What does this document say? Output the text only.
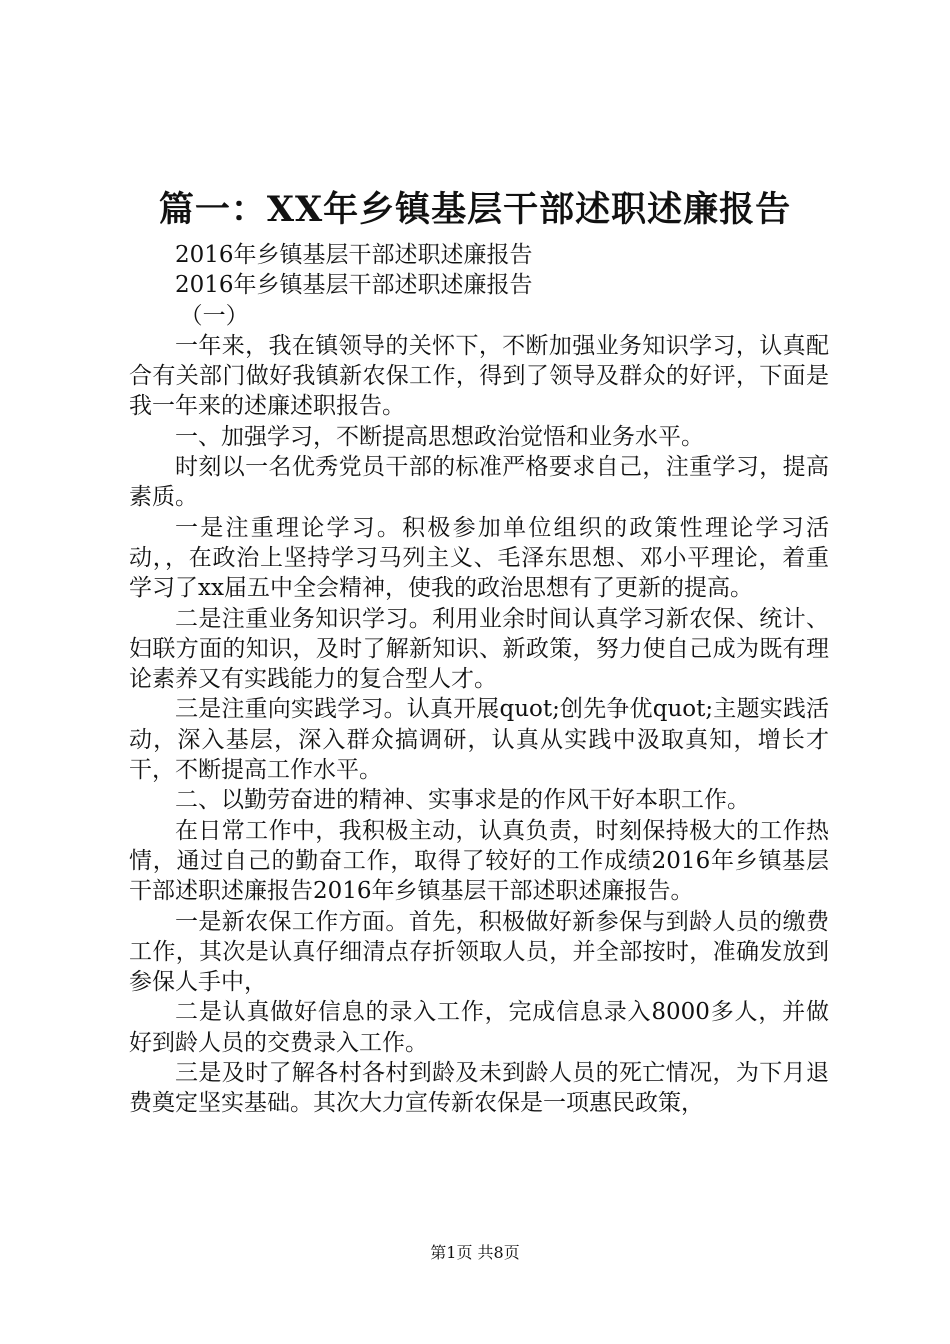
篇一：XX年乡镇基层干部述职述廉报告

2016年乡镇基层干部述职述廉报告

2016年乡镇基层干部述职述廉报告

（一）

一年来，我在镇领导的关怀下，不断加强业务知识学习，认真配合有关部门做好我镇新农保工作，得到了领导及群众的好评，下面是我一年来的述廉述职报告。

一、加强学习，不断提高思想政治觉悟和业务水平。

时刻以一名优秀党员干部的标准严格要求自己，注重学习，提高素质。

一是注重理论学习。积极参加单位组织的政策性理论学习活动，，在政治上坚持学习马列主义、毛泽东思想、邓小平理论，着重学习了xx届五中全会精神，使我的政治思想有了更新的提高。

二是注重业务知识学习。利用业余时间认真学习新农保、统计、妇联方面的知识，及时了解新知识、新政策，努力使自己成为既有理论素养又有实践能力的复合型人才。

三是注重向实践学习。认真开展quot;创先争优quot;主题实践活动，深入基层，深入群众搞调研，认真从实践中汲取真知，增长才干，不断提高工作水平。

二、以勤劳奋进的精神、实事求是的作风干好本职工作。

在日常工作中，我积极主动，认真负责，时刻保持极大的工作热情，通过自己的勤奋工作，取得了较好的工作成绩2016年乡镇基层干部述职述廉报告2016年乡镇基层干部述职述廉报告。

一是新农保工作方面。首先，积极做好新参保与到龄人员的缴费工作，其次是认真仔细清点存折领取人员，并全部按时，准确发放到参保人手中，

二是认真做好信息的录入工作，完成信息录入8000多人，并做好到龄人员的交费录入工作。

三是及时了解各村各村到龄及未到龄人员的死亡情况，为下月退费奠定坚实基础。其次大力宣传新农保是一项惠民政策，

第1页 共8页
